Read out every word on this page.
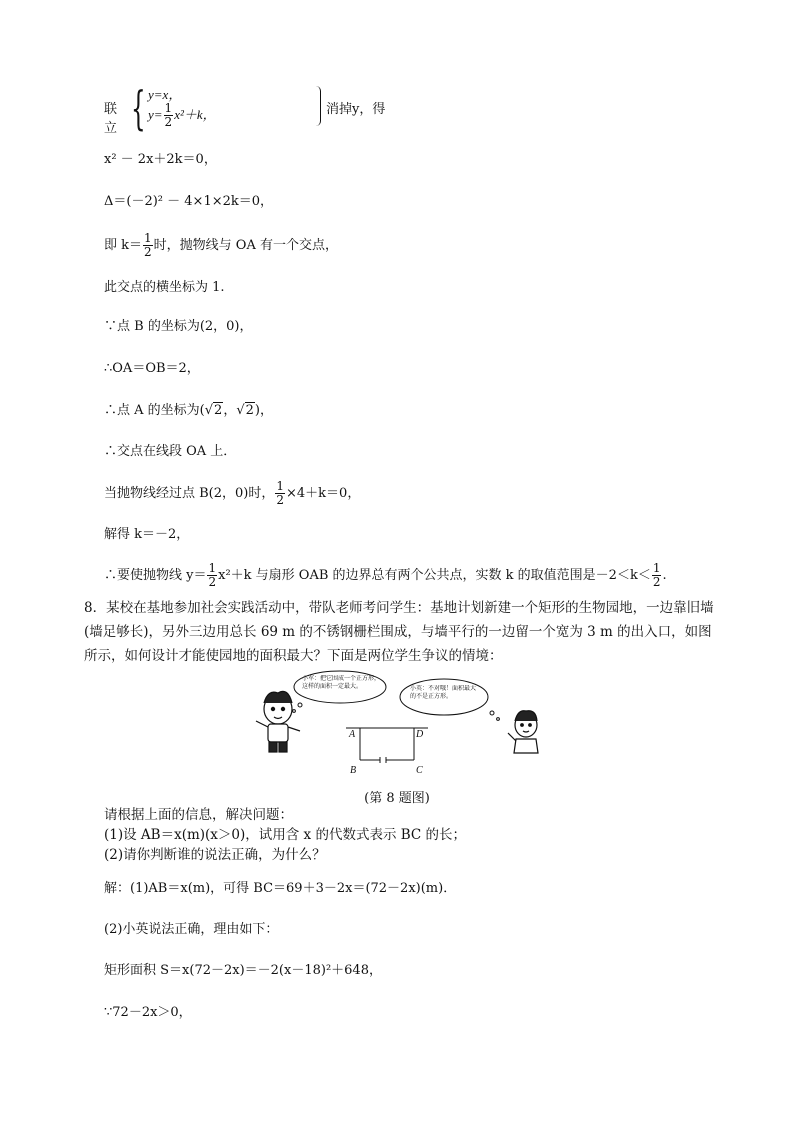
联立 { y=x，
$y= \frac{1}{2} x^2+k$，	消掉y，得
x² － 2x＋2k＝0，
Δ＝(－2)² － 4×1×2k＝0，
即 $k= \frac{1}{2}$ 时，抛物线与 OA 有一个交点，
此交点的横坐标为 1.
∵点 B 的坐标为(2，0)，
∴OA＝OB＝2，
∴点 A 的坐标为(√2，√2)，
∴交点在线段 OA 上．
当抛物线经过点 B(2，0)时， $\frac{1}{2} \times 4+k=0$，
解得 k＝－2，
∴要使抛物线 $y= \frac{1}{2} x^2+k$ 与扇形 OAB 的边界总有两个公共点，实数 k 的取值范围是$-2<k< \frac{1}{2}$ .
8．某校在基地参加社会实践活动中，带队老师考问学生：基地计划新建一个矩形的生物园地，一边靠旧墙(墙足够长)，另外三边用总长 69 m 的不锈钢栅栏围成，与墙平行的一边留一个宽为 3 m 的出入口，如图所示，如何设计才能使园地的面积最大？下面是两位学生争议的情境：
小军：把它围成一个正方形，这样的面积一定最大。	小英：不对哦！面积最大的不是正方形。
A	D
B	C
(第 8 题图)
请根据上面的信息，解决问题：
(1)设 AB＝x(m)(x＞0)，试用含 x 的代数式表示 BC 的长；
(2)请你判断谁的说法正确，为什么？
解：(1)AB＝x(m)，可得 BC＝69＋3－2x＝(72－2x)(m)．
(2)小英说法正确，理由如下：
矩形面积 S＝x(72－2x)＝－2(x－18)²＋648，
∵72－2x＞0，
